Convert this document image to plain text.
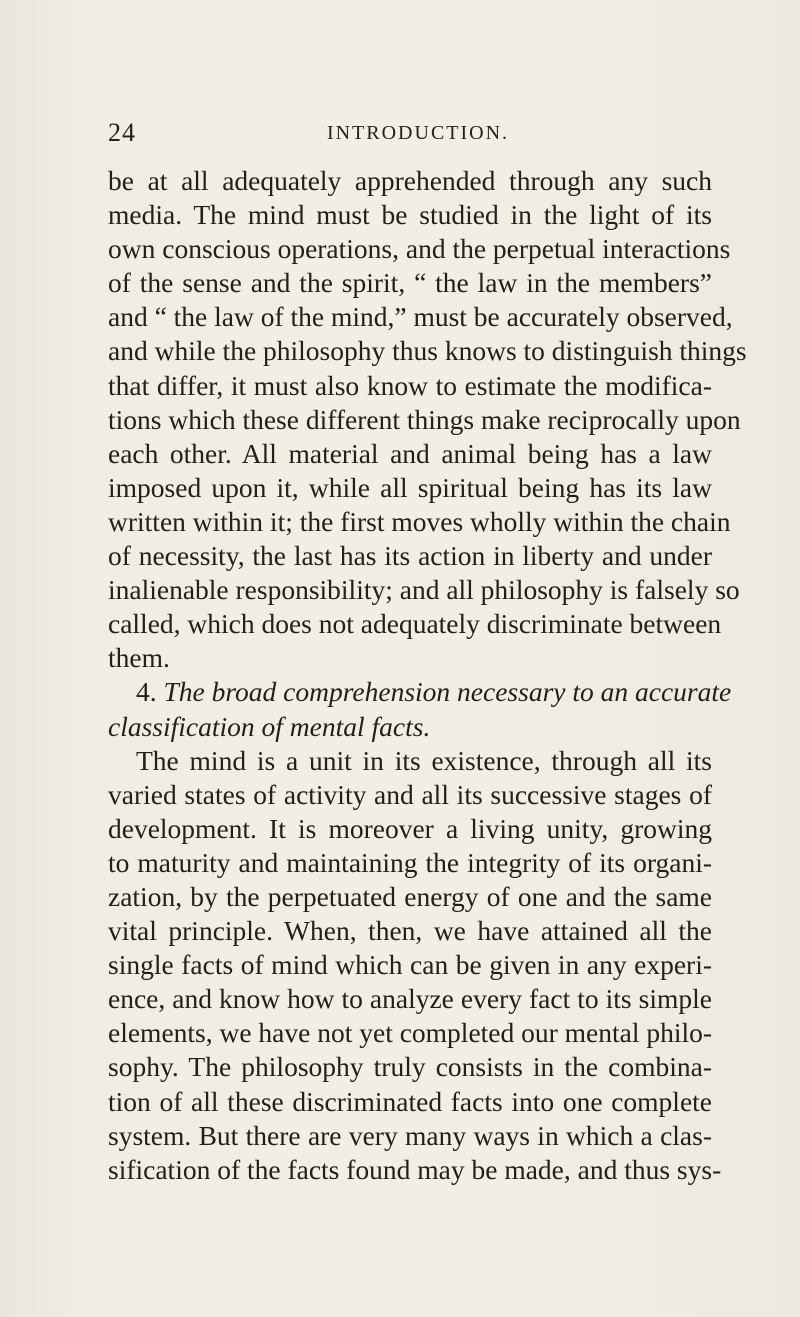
24	INTRODUCTION.
be at all adequately apprehended through any such
media. The mind must be studied in the light of its
own conscious operations, and the perpetual interactions
of the sense and the spirit, “ the law in the members”
and “ the law of the mind,” must be accurately observed,
and while the philosophy thus knows to distinguish things
that differ, it must also know to estimate the modifica-
tions which these different things make reciprocally upon
each other. All material and animal being has a law
imposed upon it, while all spiritual being has its law
written within it; the first moves wholly within the chain
of necessity, the last has its action in liberty and under
inalienable responsibility; and all philosophy is falsely so
called, which does not adequately discriminate between
them.
4. The broad comprehension necessary to an accurate
classification of mental facts.
The mind is a unit in its existence, through all its
varied states of activity and all its successive stages of
development. It is moreover a living unity, growing
to maturity and maintaining the integrity of its organi-
zation, by the perpetuated energy of one and the same
vital principle. When, then, we have attained all the
single facts of mind which can be given in any experi-
ence, and know how to analyze every fact to its simple
elements, we have not yet completed our mental philo-
sophy. The philosophy truly consists in the combina-
tion of all these discriminated facts into one complete
system. But there are very many ways in which a clas-
sification of the facts found may be made, and thus sys-
